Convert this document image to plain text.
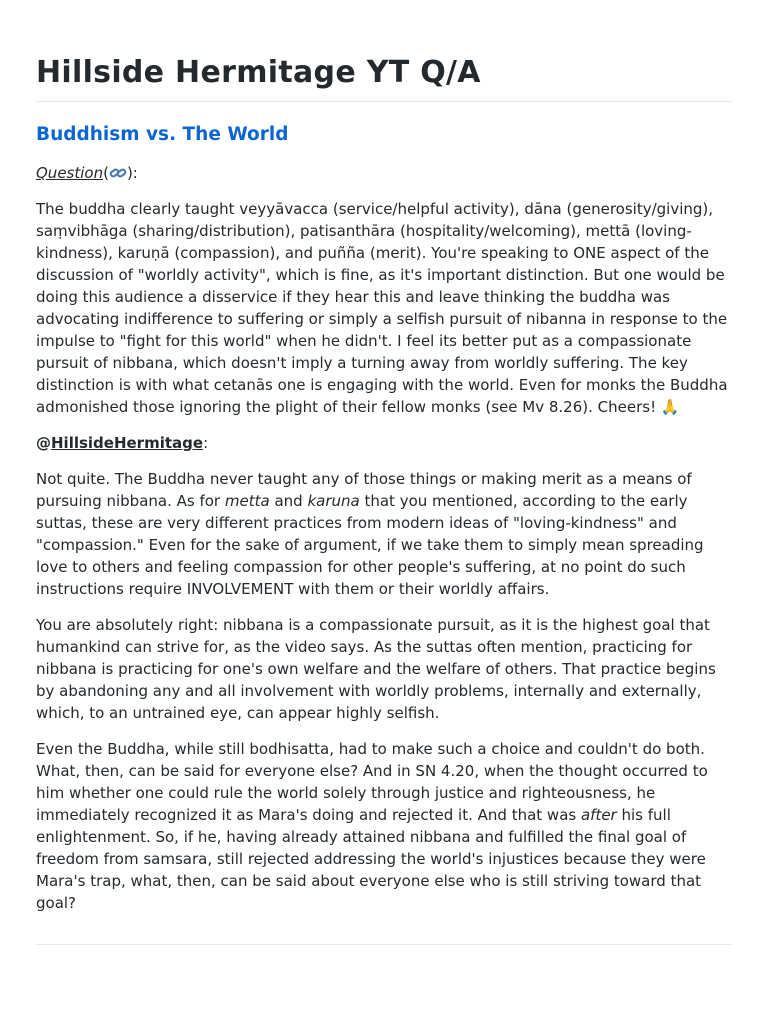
Hillside Hermitage YT Q/A
Buddhism vs. The World
Question( ):

The buddha clearly taught veyyāvacca (service/helpful activity), dāna (generosity/giving), saṃvibhāga (sharing/distribution), patisanthāra (hospitality/welcoming), mettā (loving-kindness), karuṇā (compassion), and puñña (merit). You're speaking to ONE aspect of the discussion of "worldly activity", which is fine, as it's important distinction. But one would be doing this audience a disservice if they hear this and leave thinking the buddha was advocating indifference to suffering or simply a selfish pursuit of nibanna in response to the impulse to "fight for this world" when he didn't. I feel its better put as a compassionate pursuit of nibbana, which doesn't imply a turning away from worldly suffering. The key distinction is with what cetanās one is engaging with the world. Even for monks the Buddha admonished those ignoring the plight of their fellow monks (see Mv 8.26). Cheers! 🙏

@HillsideHermitage:

Not quite. The Buddha never taught any of those things or making merit as a means of pursuing nibbana. As for metta and karuna that you mentioned, according to the early suttas, these are very different practices from modern ideas of "loving-kindness" and "compassion." Even for the sake of argument, if we take them to simply mean spreading love to others and feeling compassion for other people's suffering, at no point do such instructions require INVOLVEMENT with them or their worldly affairs.

You are absolutely right: nibbana is a compassionate pursuit, as it is the highest goal that humankind can strive for, as the video says. As the suttas often mention, practicing for nibbana is practicing for one's own welfare and the welfare of others. That practice begins by abandoning any and all involvement with worldly problems, internally and externally, which, to an untrained eye, can appear highly selfish.

Even the Buddha, while still bodhisatta, had to make such a choice and couldn't do both. What, then, can be said for everyone else? And in SN 4.20, when the thought occurred to him whether one could rule the world solely through justice and righteousness, he immediately recognized it as Mara's doing and rejected it. And that was after his full enlightenment. So, if he, having already attained nibbana and fulfilled the final goal of freedom from samsara, still rejected addressing the world's injustices because they were Mara's trap, what, then, can be said about everyone else who is still striving toward that goal?
